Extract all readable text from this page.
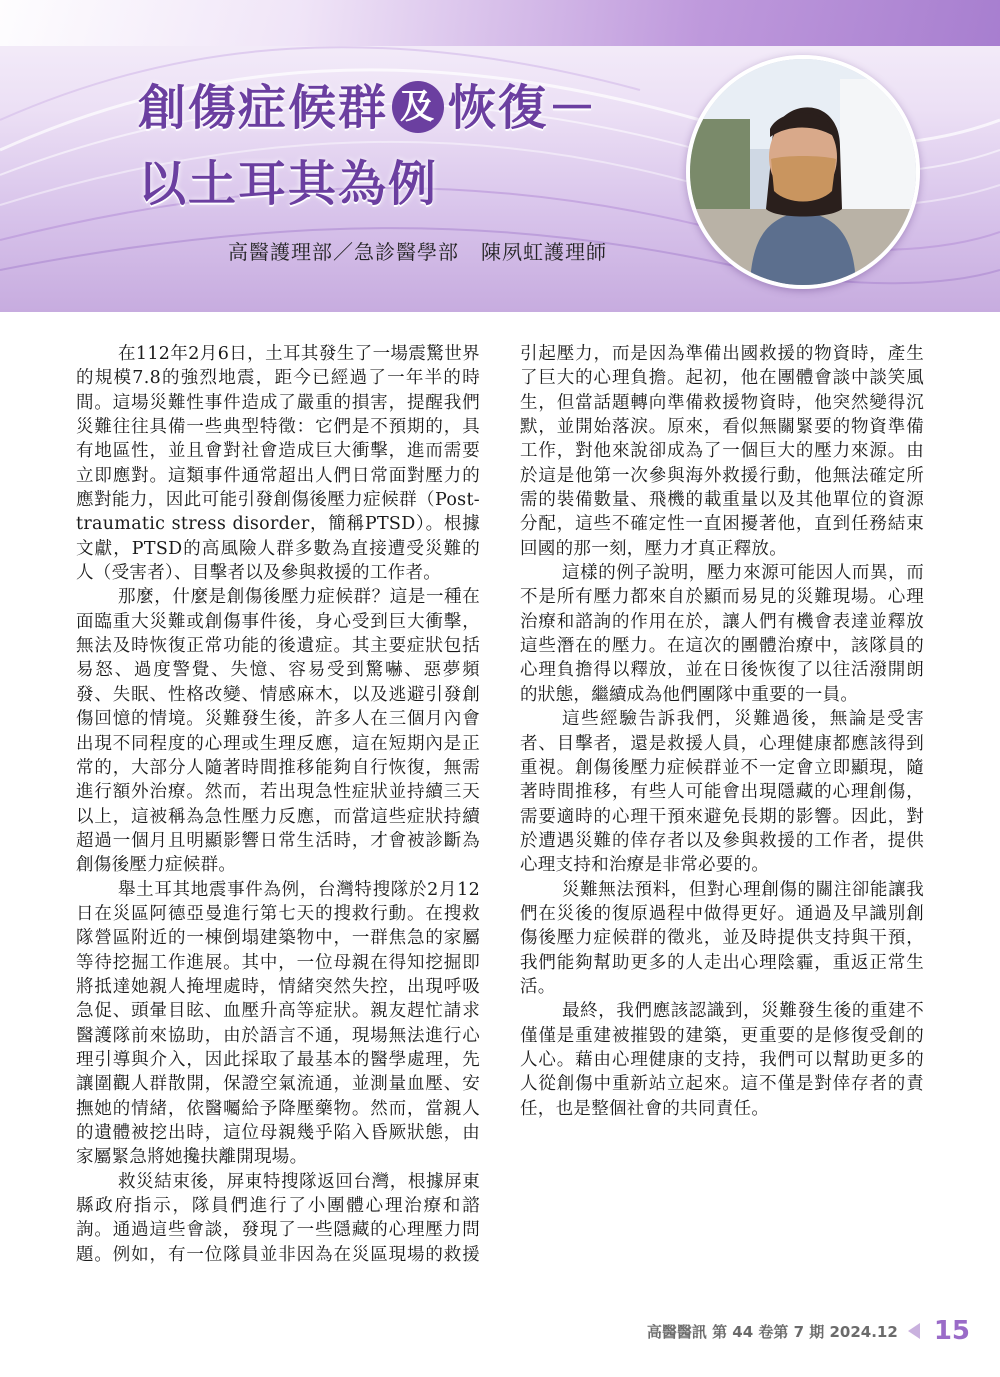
創傷症候群 及 恢復－
以土耳其為例
高醫護理部／急診醫學部 陳夙虹護理師

在112年2月6日，土耳其發生了一場震驚世界的規模7.8的強烈地震，距今已經過了一年半的時間。這場災難性事件造成了嚴重的損害，提醒我們災難往往具備一些典型特徵：它們是不預期的，具有地區性，並且會對社會造成巨大衝擊，進而需要立即應對。這類事件通常超出人們日常面對壓力的應對能力，因此可能引發創傷後壓力症候群（Post-traumatic stress disorder，簡稱PTSD）。根據文獻，PTSD的高風險人群多數為直接遭受災難的人（受害者）、目擊者以及參與救援的工作者。

那麼，什麼是創傷後壓力症候群？這是一種在面臨重大災難或創傷事件後，身心受到巨大衝擊，無法及時恢復正常功能的後遺症。其主要症狀包括易怒、過度警覺、失憶、容易受到驚嚇、惡夢頻發、失眠、性格改變、情感麻木，以及逃避引發創傷回憶的情境。災難發生後，許多人在三個月內會出現不同程度的心理或生理反應，這在短期內是正常的，大部分人隨著時間推移能夠自行恢復，無需進行額外治療。然而，若出現急性症狀並持續三天以上，這被稱為急性壓力反應，而當這些症狀持續超過一個月且明顯影響日常生活時，才會被診斷為創傷後壓力症候群。

舉土耳其地震事件為例，台灣特搜隊於2月12日在災區阿德亞曼進行第七天的搜救行動。在搜救隊營區附近的一棟倒塌建築物中，一群焦急的家屬等待挖掘工作進展。其中，一位母親在得知挖掘即將抵達她親人掩埋處時，情緒突然失控，出現呼吸急促、頭暈目眩、血壓升高等症狀。親友趕忙請求醫護隊前來協助，由於語言不通，現場無法進行心理引導與介入，因此採取了最基本的醫學處理，先讓圍觀人群散開，保證空氣流通，並測量血壓、安撫她的情緒，依醫囑給予降壓藥物。然而，當親人的遺體被挖出時，這位母親幾乎陷入昏厥狀態，由家屬緊急將她攙扶離開現場。

救災結束後，屏東特搜隊返回台灣，根據屏東縣政府指示，隊員們進行了小團體心理治療和諮詢。通過這些會談，發現了一些隱藏的心理壓力問題。例如，有一位隊員並非因為在災區現場的救援引起壓力，而是因為準備出國救援的物資時，產生了巨大的心理負擔。起初，他在團體會談中談笑風生，但當話題轉向準備救援物資時，他突然變得沉默，並開始落淚。原來，看似無關緊要的物資準備工作，對他來說卻成為了一個巨大的壓力來源。由於這是他第一次參與海外救援行動，他無法確定所需的裝備數量、飛機的載重量以及其他單位的資源分配，這些不確定性一直困擾著他，直到任務結束回國的那一刻，壓力才真正釋放。

這樣的例子說明，壓力來源可能因人而異，而不是所有壓力都來自於顯而易見的災難現場。心理治療和諮詢的作用在於，讓人們有機會表達並釋放這些潛在的壓力。在這次的團體治療中，該隊員的心理負擔得以釋放，並在日後恢復了以往活潑開朗的狀態，繼續成為他們團隊中重要的一員。

這些經驗告訴我們，災難過後，無論是受害者、目擊者，還是救援人員，心理健康都應該得到重視。創傷後壓力症候群並不一定會立即顯現，隨著時間推移，有些人可能會出現隱藏的心理創傷，需要適時的心理干預來避免長期的影響。因此，對於遭遇災難的倖存者以及參與救援的工作者，提供心理支持和治療是非常必要的。

災難無法預料，但對心理創傷的關注卻能讓我們在災後的復原過程中做得更好。通過及早識別創傷後壓力症候群的徵兆，並及時提供支持與干預，我們能夠幫助更多的人走出心理陰霾，重返正常生活。

最終，我們應該認識到，災難發生後的重建不僅僅是重建被摧毀的建築，更重要的是修復受創的人心。藉由心理健康的支持，我們可以幫助更多的人從創傷中重新站立起來。這不僅是對倖存者的責任，也是整個社會的共同責任。

高醫醫訊 第 44 卷第 7 期 2024.12 15
